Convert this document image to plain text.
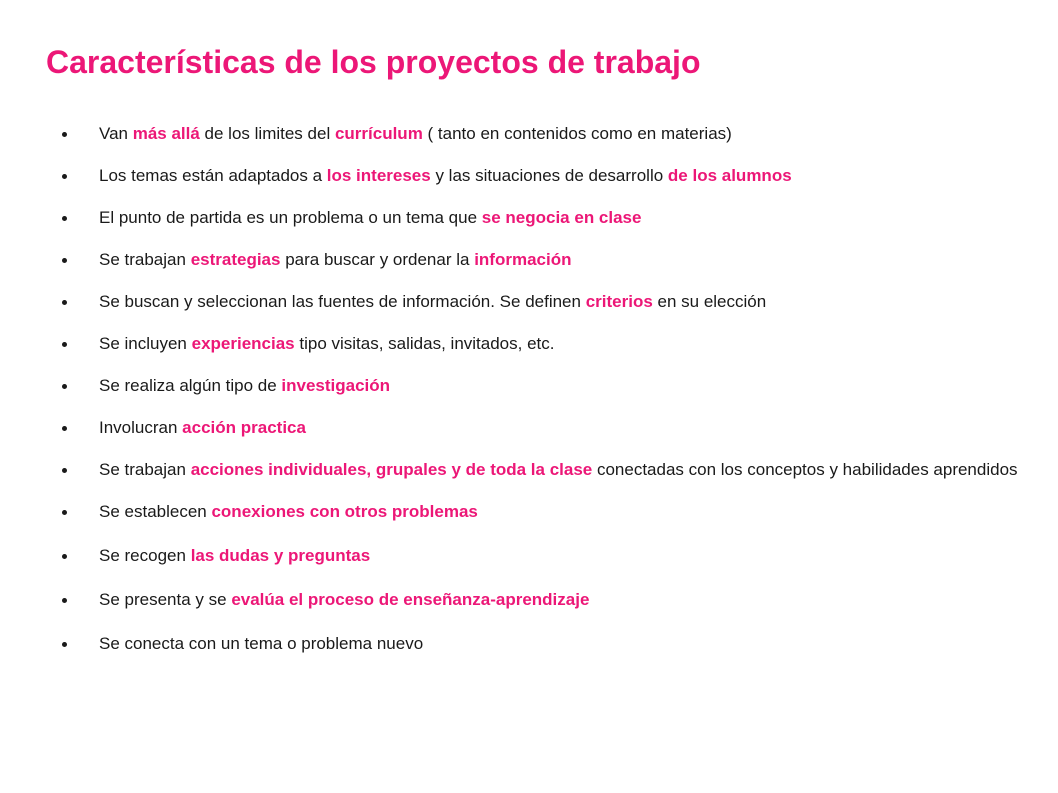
Características de los proyectos de trabajo
Van más allá de los limites del currículum ( tanto en contenidos como en materias)
Los temas están adaptados a los intereses y las situaciones de desarrollo de los alumnos
El punto de partida es un problema o un tema que se negocia en clase
Se trabajan estrategias para buscar y ordenar la información
Se buscan y seleccionan las fuentes de información. Se definen criterios en su elección
Se incluyen experiencias tipo visitas, salidas, invitados, etc.
Se realiza algún tipo de investigación
Involucran acción practica
Se trabajan acciones individuales, grupales y de toda la clase conectadas con los conceptos y habilidades aprendidos
Se establecen conexiones con otros problemas
Se recogen las dudas y preguntas
Se presenta y se evalúa el proceso de enseñanza-aprendizaje
Se conecta con un tema o problema nuevo
